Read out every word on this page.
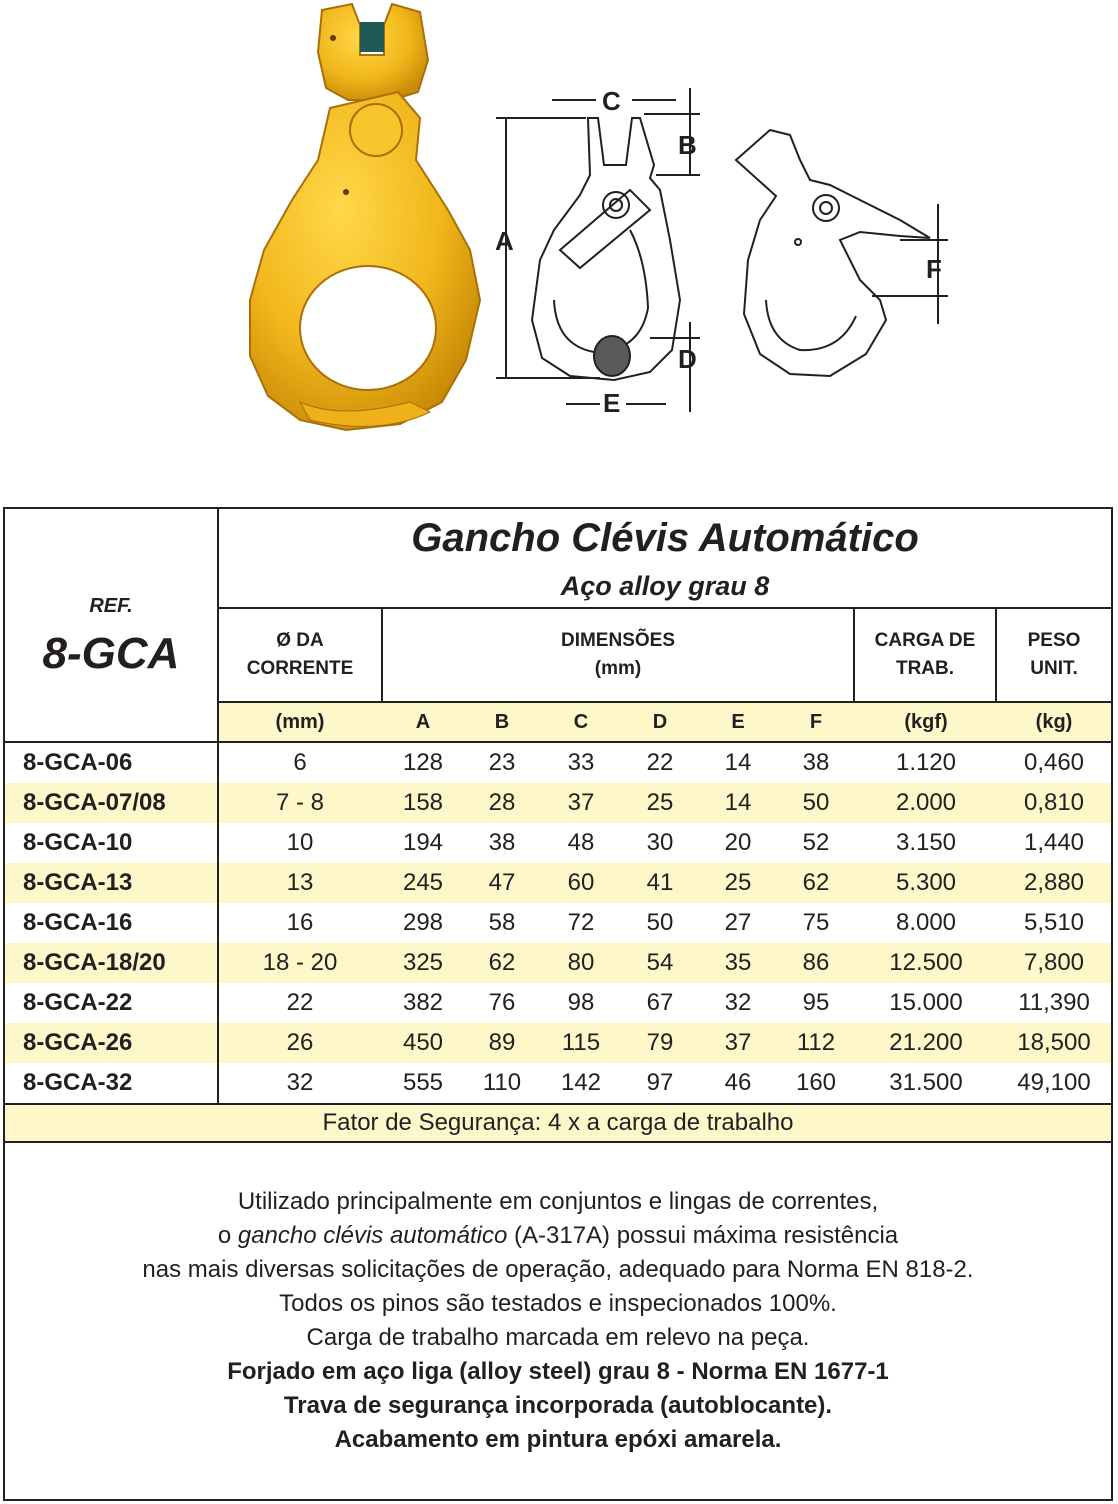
A
B
C
D
E
F
REF.
8-GCA
Gancho Clévis Automático
Aço alloy grau 8
Ø DA
CORRENTE
DIMENSÕES
(mm)
CARGA DE
TRAB.
PESO
UNIT.
(mm)	A	B	C	D	E	F	(kgf)	(kg)
8-GCA-06	6	128	23	33	22	14	38	1.120	0,460
8-GCA-07/08	7 - 8	158	28	37	25	14	50	2.000	0,810
8-GCA-10	10	194	38	48	30	20	52	3.150	1,440
8-GCA-13	13	245	47	60	41	25	62	5.300	2,880
8-GCA-16	16	298	58	72	50	27	75	8.000	5,510
8-GCA-18/20	18 - 20	325	62	80	54	35	86	12.500	7,800
8-GCA-22	22	382	76	98	67	32	95	15.000	11,390
8-GCA-26	26	450	89	115	79	37	112	21.200	18,500
8-GCA-32	32	555	110	142	97	46	160	31.500	49,100
Fator de Segurança: 4 x a carga de trabalho

Utilizado principalmente em conjuntos e lingas de correntes,

o gancho clévis automático (A-317A) possui máxima resistência

nas mais diversas solicitações de operação, adequado para Norma EN 818-2.

Todos os pinos são testados e inspecionados 100%.

Carga de trabalho marcada em relevo na peça.

Forjado em aço liga (alloy steel) grau 8 - Norma EN 1677-1

Trava de segurança incorporada (autoblocante).

Acabamento em pintura epóxi amarela.
